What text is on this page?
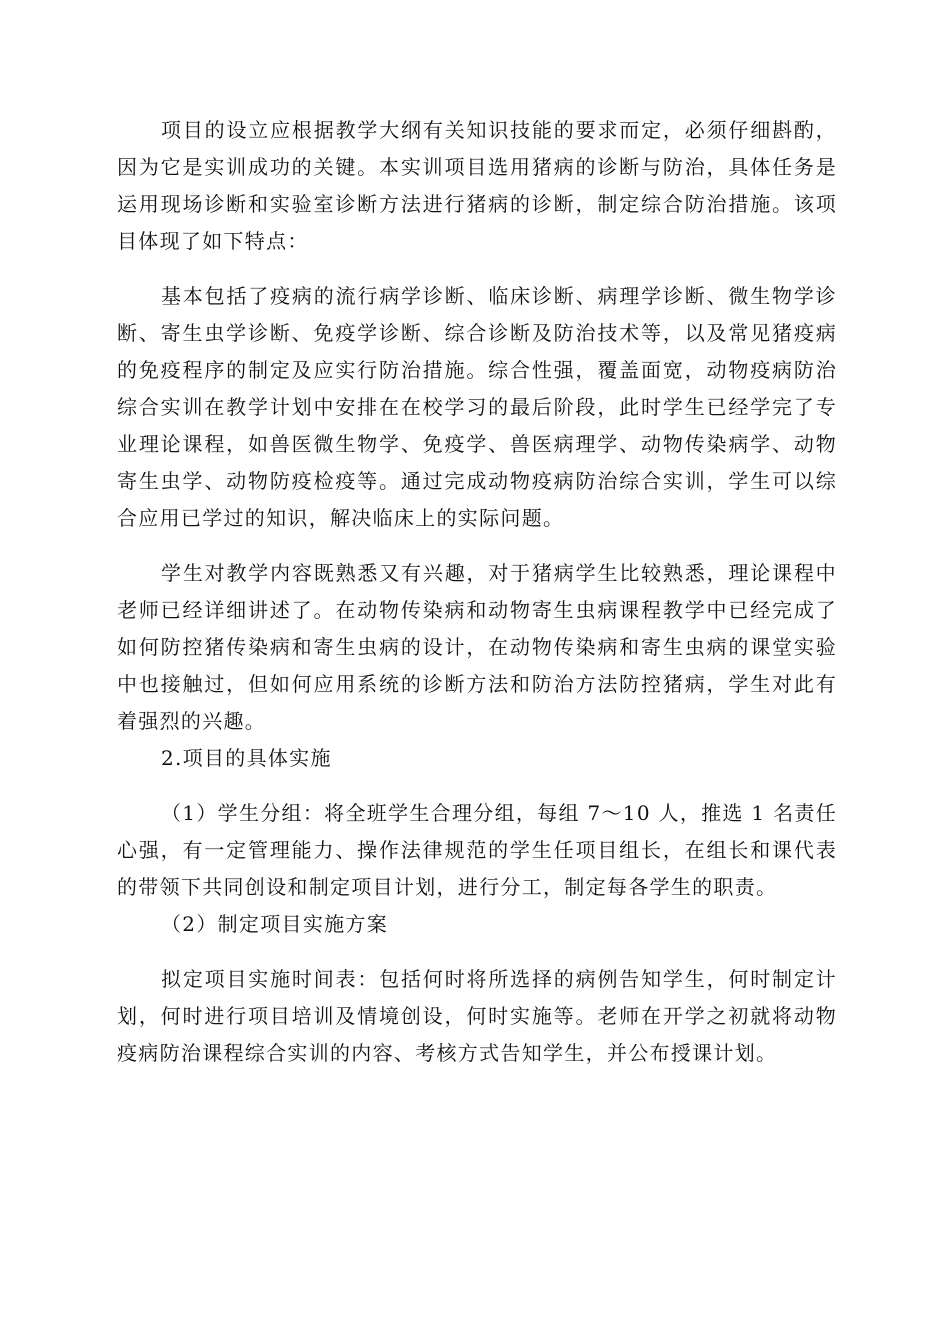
项目的设立应根据教学大纲有关知识技能的要求而定，必须仔细斟酌，因为它是实训成功的关键。本实训项目选用猪病的诊断与防治，具体任务是运用现场诊断和实验室诊断方法进行猪病的诊断，制定综合防治措施。该项目体现了如下特点：

基本包括了疫病的流行病学诊断、临床诊断、病理学诊断、微生物学诊断、寄生虫学诊断、免疫学诊断、综合诊断及防治技术等，以及常见猪疫病的免疫程序的制定及应实行防治措施。综合性强，覆盖面宽，动物疫病防治综合实训在教学计划中安排在在校学习的最后阶段，此时学生已经学完了专业理论课程，如兽医微生物学、免疫学、兽医病理学、动物传染病学、动物寄生虫学、动物防疫检疫等。通过完成动物疫病防治综合实训，学生可以综合应用已学过的知识，解决临床上的实际问题。

学生对教学内容既熟悉又有兴趣，对于猪病学生比较熟悉，理论课程中老师已经详细讲述了。在动物传染病和动物寄生虫病课程教学中已经完成了如何防控猪传染病和寄生虫病的设计，在动物传染病和寄生虫病的课堂实验中也接触过，但如何应用系统的诊断方法和防治方法防控猪病，学生对此有着强烈的兴趣。

2.项目的具体实施

（1）学生分组：将全班学生合理分组，每组 7～10 人，推选 1 名责任心强，有一定管理能力、操作法律规范的学生任项目组长，在组长和课代表的带领下共同创设和制定项目计划，进行分工，制定每各学生的职责。

（2）制定项目实施方案

拟定项目实施时间表：包括何时将所选择的病例告知学生，何时制定计划，何时进行项目培训及情境创设，何时实施等。老师在开学之初就将动物疫病防治课程综合实训的内容、考核方式告知学生，并公布授课计划。
